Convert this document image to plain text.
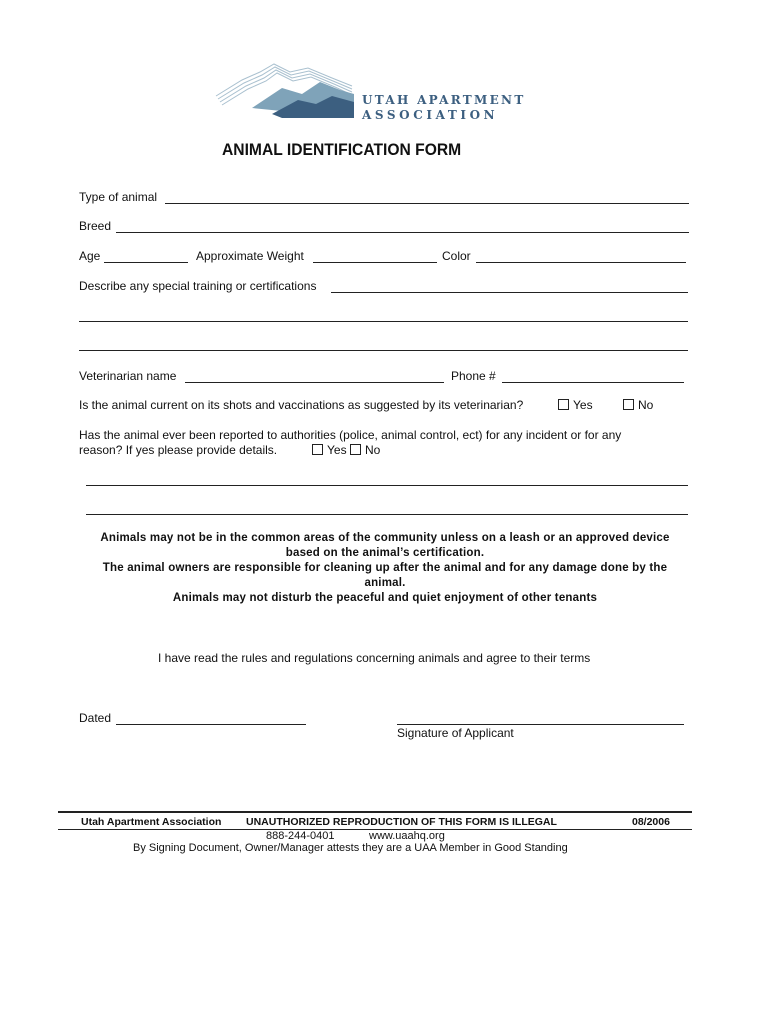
UTAH APARTMENT
ASSOCIATION
ANIMAL IDENTIFICATION FORM
Type of animal
Breed
Age	Approximate Weight	Color
Describe any special training or certifications
Veterinarian name	Phone #
Is the animal current on its shots and vaccinations as suggested by its veterinarian?	Yes	No
Has the animal ever been reported to authorities (police, animal control, ect) for any incident or for any
reason? If yes please provide details.	Yes	No
Animals may not be in the common areas of the community unless on a leash or an approved device
based on the animal’s certification.
The animal owners are responsible for cleaning up after the animal and for any damage done by the
animal.
Animals may not disturb the peaceful and quiet enjoyment of other tenants
I have read the rules and regulations concerning animals and agree to their terms
Dated
Signature of Applicant
Utah Apartment Association UNAUTHORIZED REPRODUCTION OF THIS FORM IS ILLEGAL	08/2006
888-244-0401	www.uaahq.org
By Signing Document, Owner/Manager attests they are a UAA Member in Good Standing
